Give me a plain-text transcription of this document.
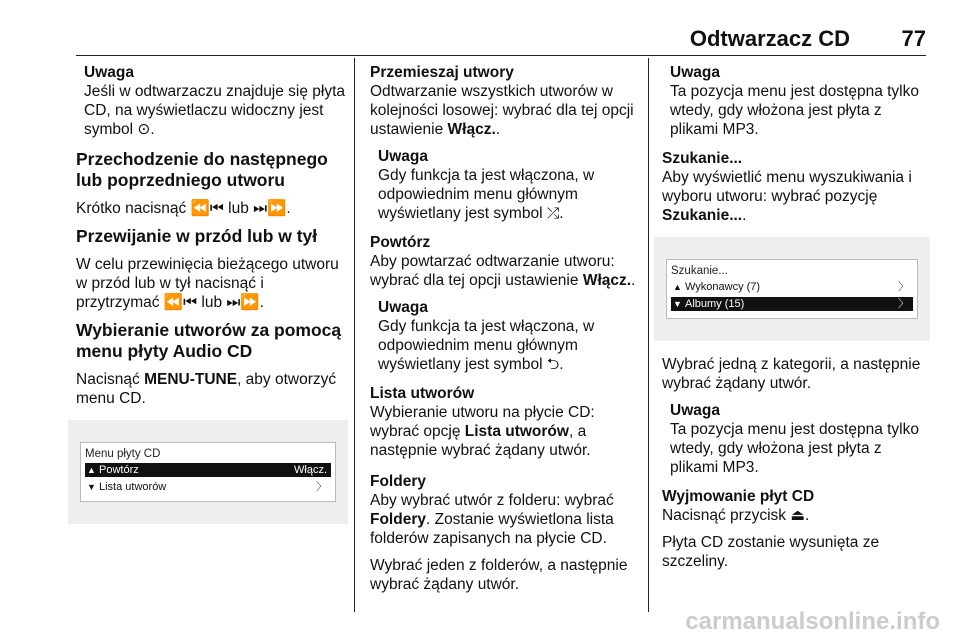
Odtwarzacz CD 77
Uwaga
Jeśli w odtwarzaczu znajduje się płyta CD, na wyświetlaczu widoczny jest symbol ⊙.
Przechodzenie do następnego lub poprzedniego utworu

Krótko nacisnąć ⏪⏮ lub ⏭⏩.

Przewijanie w przód lub w tył

W celu przewinięcia bieżącego utworu w przód lub w tył nacisnąć i przytrzymać ⏪⏮ lub ⏭⏩.

Wybieranie utworów za pomocą menu płyty Audio CD

Nacisnąć MENU-TUNE, aby otworzyć menu CD.

Menu płyty CD
▲ Powtórz	Włącz.
▼ Lista utworów	〉
Przemieszaj utwory

Odtwarzanie wszystkich utworów w kolejności losowej: wybrać dla tej opcji ustawienie Włącz..

Uwaga
Gdy funkcja ta jest włączona, w odpowiednim menu głównym wyświetlany jest symbol ⤮.
Powtórz

Aby powtarzać odtwarzanie utworu: wybrać dla tej opcji ustawienie Włącz..

Uwaga
Gdy funkcja ta jest włączona, w odpowiednim menu głównym wyświetlany jest symbol ⮌.
Lista utworów

Wybieranie utworu na płycie CD: wybrać opcję Lista utworów, a następnie wybrać żądany utwór.

Foldery

Aby wybrać utwór z folderu: wybrać Foldery. Zostanie wyświetlona lista folderów zapisanych na płycie CD.

Wybrać jeden z folderów, a następnie wybrać żądany utwór.

Uwaga
Ta pozycja menu jest dostępna tylko wtedy, gdy włożona jest płyta z plikami MP3.
Szukanie...

Aby wyświetlić menu wyszukiwania i wyboru utworu: wybrać pozycję Szukanie....

Szukanie...
▲ Wykonawcy (7)	〉
▼ Albumy (15)	〉

Wybrać jedną z kategorii, a następnie wybrać żądany utwór.

Uwaga
Ta pozycja menu jest dostępna tylko wtedy, gdy włożona jest płyta z plikami MP3.
Wyjmowanie płyt CD

Nacisnąć przycisk ⏏.

Płyta CD zostanie wysunięta ze szczeliny.

carmanualsonline.info
